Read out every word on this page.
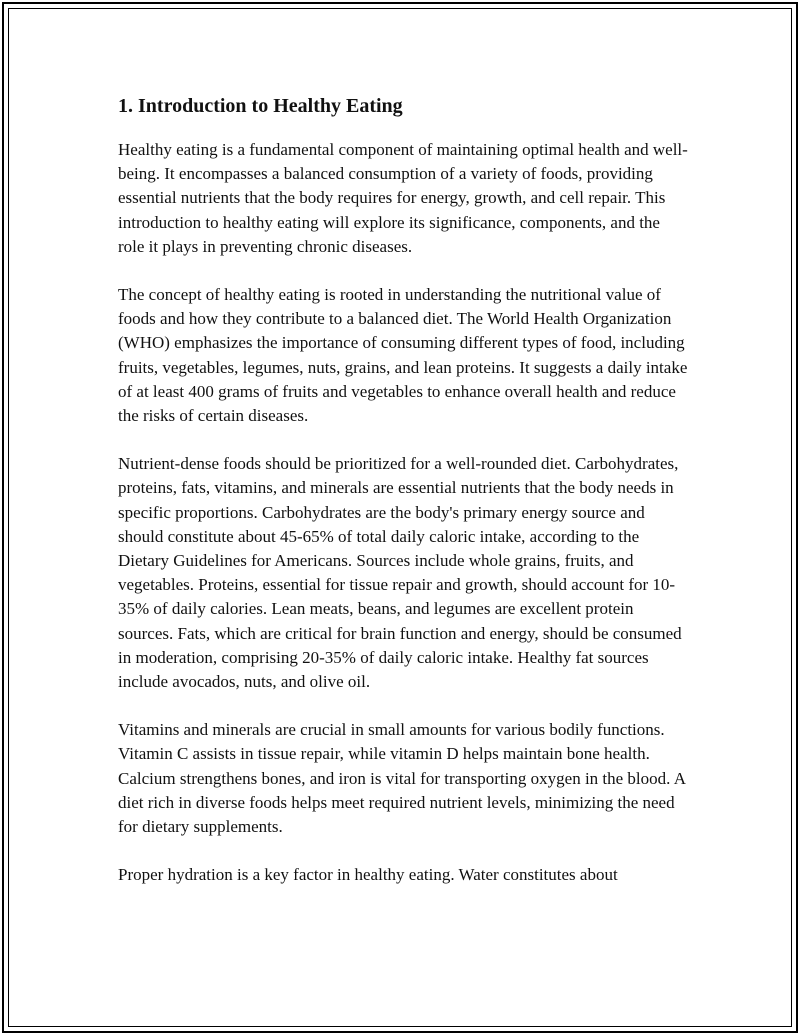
1. Introduction to Healthy Eating

Healthy eating is a fundamental component of maintaining optimal health and well-being. It encompasses a balanced consumption of a variety of foods, providing essential nutrients that the body requires for energy, growth, and cell repair. This introduction to healthy eating will explore its significance, components, and the role it plays in preventing chronic diseases.

The concept of healthy eating is rooted in understanding the nutritional value of foods and how they contribute to a balanced diet. The World Health Organization (WHO) emphasizes the importance of consuming different types of food, including fruits, vegetables, legumes, nuts, grains, and lean proteins. It suggests a daily intake of at least 400 grams of fruits and vegetables to enhance overall health and reduce the risks of certain diseases.

Nutrient-dense foods should be prioritized for a well-rounded diet. Carbohydrates, proteins, fats, vitamins, and minerals are essential nutrients that the body needs in specific proportions. Carbohydrates are the body's primary energy source and should constitute about 45-65% of total daily caloric intake, according to the Dietary Guidelines for Americans. Sources include whole grains, fruits, and vegetables. Proteins, essential for tissue repair and growth, should account for 10-35% of daily calories. Lean meats, beans, and legumes are excellent protein sources. Fats, which are critical for brain function and energy, should be consumed in moderation, comprising 20-35% of daily caloric intake. Healthy fat sources include avocados, nuts, and olive oil.

Vitamins and minerals are crucial in small amounts for various bodily functions. Vitamin C assists in tissue repair, while vitamin D helps maintain bone health. Calcium strengthens bones, and iron is vital for transporting oxygen in the blood. A diet rich in diverse foods helps meet required nutrient levels, minimizing the need for dietary supplements.

Proper hydration is a key factor in healthy eating. Water constitutes about
